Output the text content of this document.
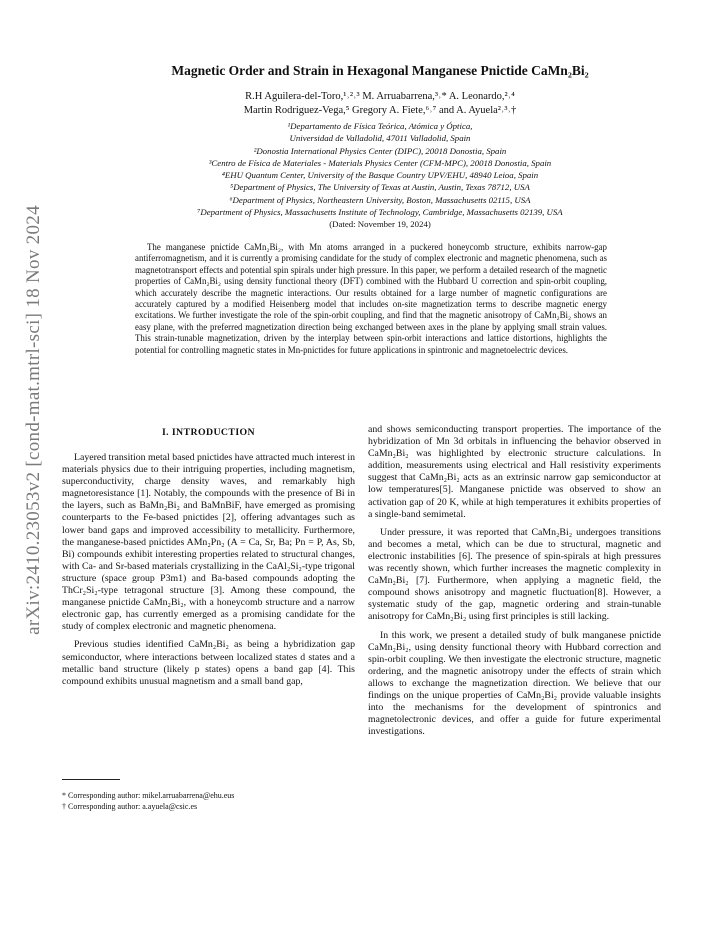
arXiv:2410.23053v2 [cond-mat.mtrl-sci] 18 Nov 2024
Magnetic Order and Strain in Hexagonal Manganese Pnictide CaMn₂Bi₂
R.H Aguilera-del-Toro,¹˒²˒³ M. Arruabarrena,³˒* A. Leonardo,²˒⁴
Martin Rodriguez-Vega,⁵ Gregory A. Fiete,⁶˒⁷ and A. Ayuela²˒³˒†
¹Departamento de Física Teórica, Atómica y Óptica,
Universidad de Valladolid, 47011 Valladolid, Spain
²Donostia International Physics Center (DIPC), 20018 Donostia, Spain
³Centro de Física de Materiales - Materials Physics Center (CFM-MPC), 20018 Donostia, Spain
⁴EHU Quantum Center, University of the Basque Country UPV/EHU, 48940 Leioa, Spain
⁵Department of Physics, The University of Texas at Austin, Austin, Texas 78712, USA
⁶Department of Physics, Northeastern University, Boston, Massachusetts 02115, USA
⁷Department of Physics, Massachusetts Institute of Technology, Cambridge, Massachusetts 02139, USA
(Dated: November 19, 2024)
The manganese pnictide CaMn₂Bi₂, with Mn atoms arranged in a puckered honeycomb structure, exhibits narrow-gap antiferromagnetism, and it is currently a promising candidate for the study of complex electronic and magnetic phenomena, such as magnetotransport effects and potential spin spirals under high pressure. In this paper, we perform a detailed research of the magnetic properties of CaMn₂Bi₂ using density functional theory (DFT) combined with the Hubbard U correction and spin-orbit coupling, which accurately describe the magnetic interactions. Our results obtained for a large number of magnetic configurations are accurately captured by a modified Heisenberg model that includes on-site magnetization terms to describe magnetic energy excitations. We further investigate the role of the spin-orbit coupling, and find that the magnetic anisotropy of CaMn₂Bi₂ shows an easy plane, with the preferred magnetization direction being exchanged between axes in the plane by applying small strain values. This strain-tunable magnetization, driven by the interplay between spin-orbit interactions and lattice distortions, highlights the potential for controlling magnetic states in Mn-pnictides for future applications in spintronic and magnetoelectric devices.
I. INTRODUCTION

Layered transition metal based pnictides have attracted much interest in materials physics due to their intriguing properties, including magnetism, superconductivity, charge density waves, and remarkably high magnetoresistance [1]. Notably, the compounds with the presence of Bi in the layers, such as BaMn₂Bi₂ and BaMnBiF, have emerged as promising counterparts to the Fe-based pnictides [2], offering advantages such as lower band gaps and improved accessibility to metallicity. Furthermore, the manganese-based pnictides AMn₂Pn₂ (A = Ca, Sr, Ba; Pn = P, As, Sb, Bi) compounds exhibit interesting properties related to structural changes, with Ca- and Sr-based materials crystallizing in the CaAl₂Si₂-type trigonal structure (space group P3m1) and Ba-based compounds adopting the ThCr₂Si₂-type tetragonal structure [3]. Among these compound, the manganese pnictide CaMn₂Bi₂, with a honeycomb structure and a narrow electronic gap, has currently emerged as a promising candidate for the study of complex electronic and magnetic phenomena.

Previous studies identified CaMn₂Bi₂ as being a hybridization gap semiconductor, where interactions between localized states d states and a metallic band structure (likely p states) opens a band gap [4]. This compound exhibits unusual magnetism and a small band gap,

and shows semiconducting transport properties. The importance of the hybridization of Mn 3d orbitals in influencing the behavior observed in CaMn₂Bi₂ was highlighted by electronic structure calculations. In addition, measurements using electrical and Hall resistivity experiments suggest that CaMn₂Bi₂ acts as an extrinsic narrow gap semiconductor at low temperatures[5]. Manganese pnictide was observed to show an activation gap of 20 K, while at high temperatures it exhibits properties of a single-band semimetal.

Under pressure, it was reported that CaMn₂Bi₂ undergoes transitions and becomes a metal, which can be due to structural, magnetic and electronic instabilities [6]. The presence of spin-spirals at high pressures was recently shown, which further increases the magnetic complexity in CaMn₂Bi₂ [7]. Furthermore, when applying a magnetic field, the compound shows anisotropy and magnetic fluctuation[8]. However, a systematic study of the gap, magnetic ordering and strain-tunable anisotropy for CaMn₂Bi₂ using first principles is still lacking.

In this work, we present a detailed study of bulk manganese pnictide CaMn₂Bi₂, using density functional theory with Hubbard correction and spin-orbit coupling. We then investigate the electronic structure, magnetic ordering, and the magnetic anisotropy under the effects of strain which allows to exchange the magnetization direction. We believe that our findings on the unique properties of CaMn₂Bi₂ provide valuable insights into the mechanisms for the development of spintronics and magnetolectronic devices, and offer a guide for future experimental investigations.

* Corresponding author: mikel.arruabarrena@ehu.eus
† Corresponding author: a.ayuela@csic.es
